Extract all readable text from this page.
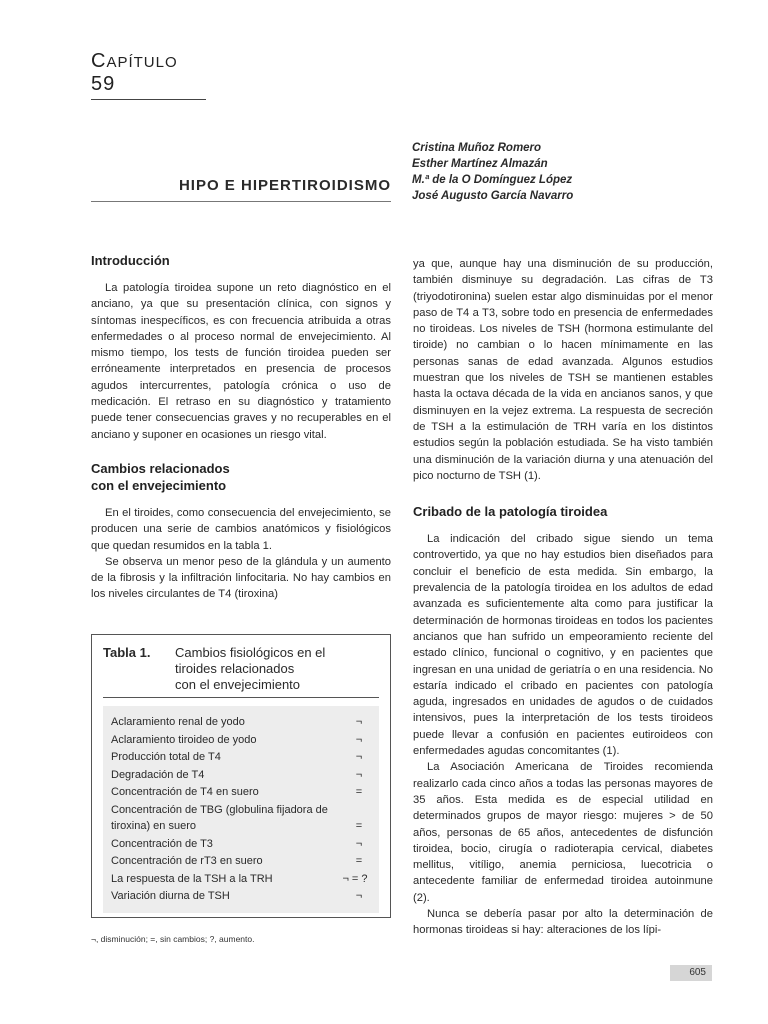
CAPÍTULO 59
HIPO E HIPERTIROIDISMO
Cristina Muñoz Romero
Esther Martínez Almazán
M.ª de la O Domínguez López
José Augusto García Navarro
Introducción

La patología tiroidea supone un reto diagnóstico en el anciano, ya que su presentación clínica, con signos y síntomas inespecíficos, es con frecuencia atribuida a otras enfermedades o al proceso normal de envejecimiento. Al mismo tiempo, los tests de función tiroidea pueden ser erróneamente interpretados en presencia de procesos agudos intercurrentes, patología crónica o uso de medicación. El retraso en su diagnóstico y tratamiento puede tener consecuencias graves y no recuperables en el anciano y suponer en ocasiones un riesgo vital.

Cambios relacionados
con el envejecimiento

En el tiroides, como consecuencia del envejecimiento, se producen una serie de cambios anatómicos y fisiológicos que quedan resumidos en la tabla 1.

Se observa un menor peso de la glándula y un aumento de la fibrosis y la infiltración linfocitaria. No hay cambios en los niveles circulantes de T4 (tiroxina)

Tabla 1.	Cambios fisiológicos en el
tiroides relacionados
con el envejecimiento
Aclaramiento renal de yodo	¬
Aclaramiento tiroideo de yodo	¬
Producción total de T4	¬
Degradación de T4	¬
Concentración de T4 en suero	=
Concentración de TBG (globulina fijadora de tiroxina) en suero	=
Concentración de T3	¬
Concentración de rT3 en suero	=
La respuesta de la TSH a la TRH	¬ = ?
Variación diurna de TSH	¬
¬, disminución; =, sin cambios; ?, aumento.

ya que, aunque hay una disminución de su producción, también disminuye su degradación. Las cifras de T3 (triyodotironina) suelen estar algo disminuidas por el menor paso de T4 a T3, sobre todo en presencia de enfermedades no tiroideas. Los niveles de TSH (hormona estimulante del tiroide) no cambian o lo hacen mínimamente en las personas sanas de edad avanzada. Algunos estudios muestran que los niveles de TSH se mantienen estables hasta la octava década de la vida en ancianos sanos, y que disminuyen en la vejez extrema. La respuesta de secreción de TSH a la estimulación de TRH varía en los distintos estudios según la población estudiada. Se ha visto también una disminución de la variación diurna y una atenuación del pico nocturno de TSH (1).

Cribado de la patología tiroidea

La indicación del cribado sigue siendo un tema controvertido, ya que no hay estudios bien diseñados para concluir el beneficio de esta medida. Sin embargo, la prevalencia de la patología tiroidea en los adultos de edad avanzada es suficientemente alta como para justificar la determinación de hormonas tiroideas en todos los pacientes ancianos que han sufrido un empeoramiento reciente del estado clínico, funcional o cognitivo, y en pacientes que ingresan en una unidad de geriatría o en una residencia. No estaría indicado el cribado en pacientes con patología aguda, ingresados en unidades de agudos o de cuidados intensivos, pues la interpretación de los tests tiroideos puede llevar a confusión en pacientes eutiroideos con enfermedades agudas concomitantes (1).

La Asociación Americana de Tiroides recomienda realizarlo cada cinco años a todas las personas mayores de 35 años. Esta medida es de especial utilidad en determinados grupos de mayor riesgo: mujeres > de 50 años, personas de 65 años, antecedentes de disfunción tiroidea, bocio, cirugía o radioterapia cervical, diabetes mellitus, vitíligo, anemia perniciosa, luecotricia o antecedente familiar de enfermedad tiroidea autoinmune (2).

Nunca se debería pasar por alto la determinación de hormonas tiroideas si hay: alteraciones de los lípi-

605
